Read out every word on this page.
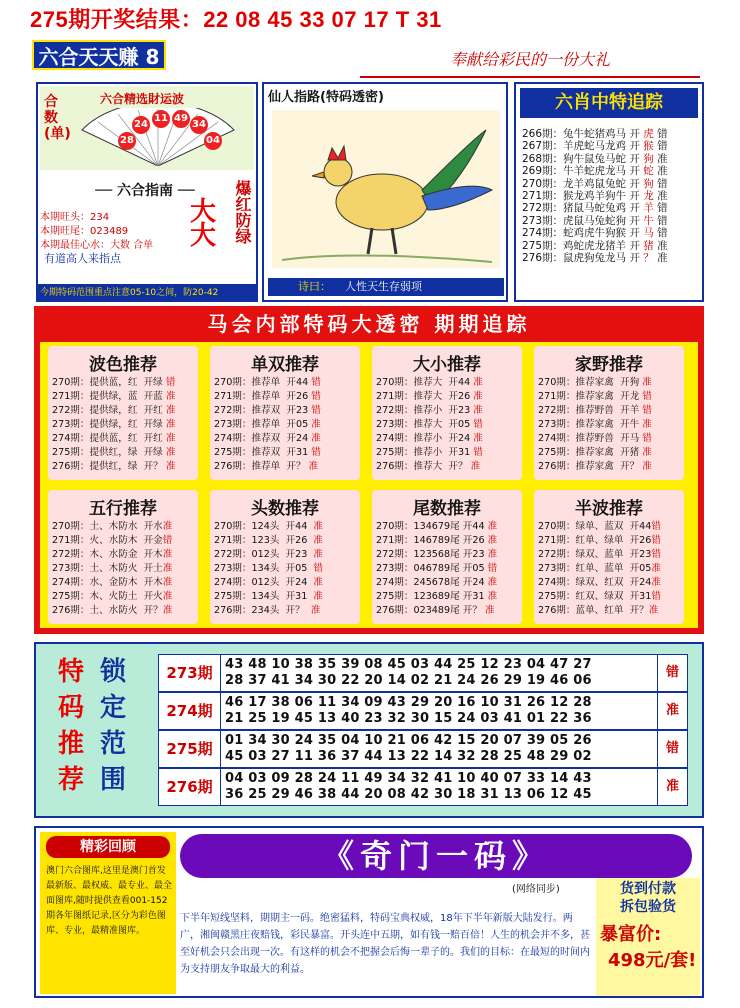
275期开奖结果：22 08 45 33 07 17 T 31
六合天天赚 8	奉献给彩民的一份大礼
合数(单)
六合精选財运波
28
24
11 49
34
04
── 六合指南 ──
本期旺头：234
本期旺尾：023489
本期最佳心水：大数 合单
有道高人来指点
大
大 爆红防绿
今期特码范围重点注意05-10之间，防20-42
仙人指路(特码透密)
诗曰： 人性天生存弱项
六肖中特追踪
266期：兔牛蛇猪鸡马 开 虎 错
267期：羊虎蛇马龙鸡 开 猴 错
268期：狗牛鼠兔马蛇 开 狗 准
269期：牛羊蛇虎龙马 开 蛇 准
270期：龙羊鸡鼠兔蛇 开 狗 错
271期：猴龙鸡羊狗牛 开 龙 准
272期：猪鼠马蛇兔鸡 开 羊 错
273期：虎鼠马兔蛇狗 开 牛 错
274期：蛇鸡虎牛狗猴 开 马 错
275期：鸡蛇虎龙猪羊 开 猪 准
276期：鼠虎狗兔龙马 开 ？ 准
马会内部特码大透密 期期追踪
波色推荐
270期：提供蓝，红  开绿 错
271期：提供绿，蓝  开蓝 准
272期：提供绿，红  开红 准
273期：提供绿，红  开绿 准
274期：提供蓝，红  开红 准
275期：提供红，绿  开绿 准
276期：提供红，绿  开？ 准
单双推荐
270期：推荐单  开44 错
271期：推荐单  开26 错
272期：推荐双  开23 错
273期：推荐单  开05 准
274期：推荐双  开24 准
275期：推荐双  开31 错
276期：推荐单  开？ 准
大小推荐
270期：推荐大  开44 准
271期：推荐大  开26 准
272期：推荐小  开23 准
273期：推荐大  开05 错
274期：推荐小  开24 准
275期：推荐小  开31 错
276期：推荐大  开？ 准
家野推荐
270期：推荐家禽  开狗 准
271期：推荐家禽  开龙 错
272期：推荐野兽  开羊 错
273期：推荐家禽  开牛 准
274期：推荐野兽  开马 错
275期：推荐家禽  开猪 准
276期：推荐家禽  开？ 准
五行推荐
270期：土、木防水  开水准
271期：火、水防木  开金错
272期：木、水防金  开木准
273期：土、木防火  开土准
274期：水、金防木  开木准
275期：木、火防土  开火准
276期：土、水防火  开？准
头数推荐
270期：124头  开44  准
271期：123头  开26  准
272期：012头  开23  准
273期：134头  开05  错
274期：012头  开24  准
275期：134头  开31  准
276期：234头  开？  准
尾数推荐
270期：134679尾 开44 准
271期：146789尾 开26 准
272期：123568尾 开23 准
273期：046789尾 开05 错
274期：245678尾 开24 准
275期：123689尾 开31 准
276期：023489尾 开？ 准
半波推荐
270期：绿单、蓝双  开44错
271期：红单、绿单  开26错
272期：绿双、蓝单  开23错
273期：红单、蓝单  开05准
274期：绿双、红双  开24准
275期：红双、绿双  开31错
276期：蓝单、红单  开？准
特
码
推
荐
锁
定
范
围
273期 43 48 10 38 35 39 08 45 03 44 25 12 23 04 47 27
28 37 41 34 30 22 20 14 02 21 24 26 29 19 46 06
错
274期 46 17 38 06 11 34 09 43 29 20 16 10 31 26 12 28
21 25 19 45 13 40 23 32 30 15 24 03 41 01 22 36
准
275期 01 34 30 24 35 04 10 21 06 42 15 20 07 39 05 26
45 03 27 11 36 37 44 13 22 14 32 28 25 48 29 02
错
276期 04 03 09 28 24 11 49 34 32 41 10 40 07 33 14 43
36 25 29 46 38 44 20 08 42 30 18 31 13 06 12 45
准
精彩回顾
澳门六合图库,这里是澳门首发最新版、最权威、最专业、最全面图库,随时提供查看001-152期各年图纸记录,区分为彩色图库、专业，最精准图库。
《奇门一码》
(网络同步)
下半年短线坚料，期期主一码。绝密猛料，特码宝典权威，18年下半年新版大陆发行。两广，湘闽赣黑庄夜赔钱，彩民暴富。开头连中五期，如有钱一赔百倍！人生的机会并不多，甚至好机会只会出现一次。有这样的机会不把握会后悔一辈子的。我们的目标：在最短的时间内为支持朋友争取最大的利益。
货到付款
拆包验货
暴富价:
498元/套!
